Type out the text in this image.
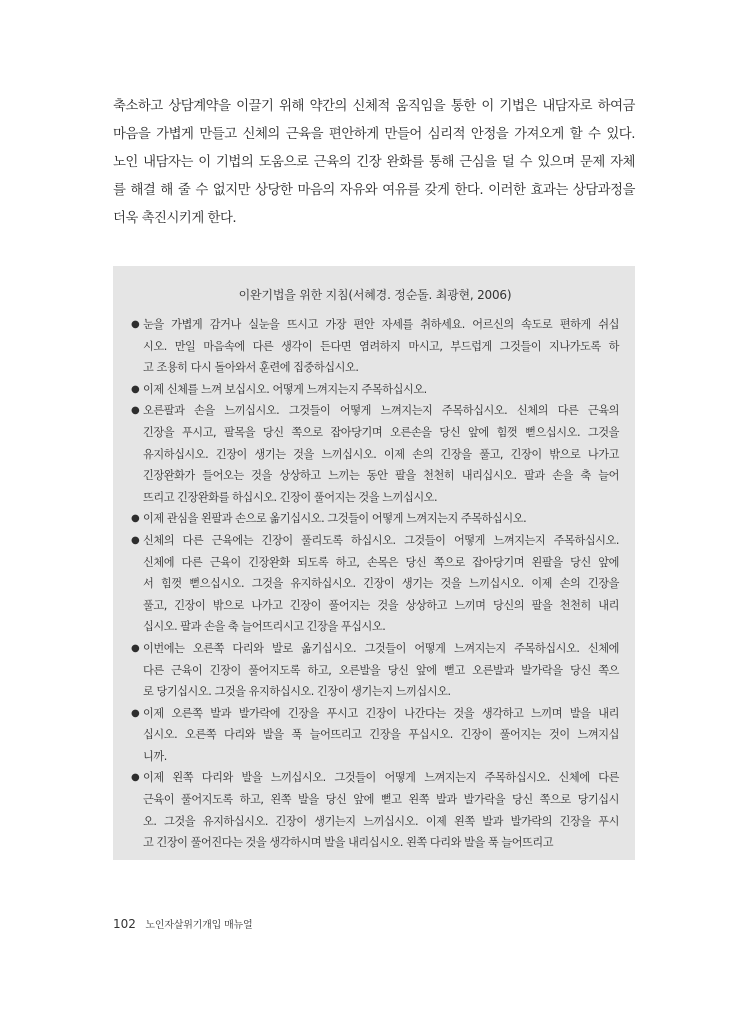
축소하고 상담계약을 이끌기 위해 약간의 신체적 움직임을 통한 이 기법은 내담자로 하여금
마음을 가볍게 만들고 신체의 근육을 편안하게 만들어 심리적 안정을 가져오게 할 수 있다.
노인 내담자는 이 기법의 도움으로 근육의 긴장 완화를 통해 근심을 덜 수 있으며 문제 자체
를 해결 해 줄 수 없지만 상당한 마음의 자유와 여유를 갖게 한다. 이러한 효과는 상담과정을
더욱 촉진시키게 한다.
이완기법을 위한 지침(서혜경. 정순돌. 최광현, 2006)
● 눈을 가볍게 감거나 실눈을 뜨시고 가장 편안 자세를 취하세요. 어르신의 속도로 편하게 쉬십
시오. 만일 마음속에 다른 생각이 든다면 염려하지 마시고, 부드럽게 그것들이 지나가도록 하
고 조용히 다시 돌아와서 훈련에 집중하십시오.
● 이제 신체를 느껴 보십시오. 어떻게 느껴지는지 주목하십시오.
● 오른팔과 손을 느끼십시오. 그것들이 어떻게 느껴지는지 주목하십시오. 신체의 다른 근육의
긴장을 푸시고, 팔목을 당신 쪽으로 잡아당기며 오른손을 당신 앞에 힘껏 뻗으십시오. 그것을
유지하십시오. 긴장이 생기는 것을 느끼십시오. 이제 손의 긴장을 풀고, 긴장이 밖으로 나가고
긴장완화가 들어오는 것을 상상하고 느끼는 동안 팔을 천천히 내리십시오. 팔과 손을 축 늘어
뜨리고 긴장완화를 하십시오. 긴장이 풀어지는 것을 느끼십시오.
● 이제 관심을 왼팔과 손으로 옮기십시오. 그것들이 어떻게 느껴지는지 주목하십시오.
● 신체의 다른 근육에는 긴장이 풀리도록 하십시오. 그것들이 어떻게 느껴지는지 주목하십시오.
신체에 다른 근육이 긴장완화 되도록 하고, 손목은 당신 쪽으로 잡아당기며 왼팔을 당신 앞에
서 힘껏 뻗으십시오. 그것을 유지하십시오. 긴장이 생기는 것을 느끼십시오. 이제 손의 긴장을
풀고, 긴장이 밖으로 나가고 긴장이 풀어지는 것을 상상하고 느끼며 당신의 팔을 천천히 내리
십시오. 팔과 손을 축 늘어뜨리시고 긴장을 푸십시오.
● 이번에는 오른쪽 다리와 발로 옮기십시오. 그것들이 어떻게 느껴지는지 주목하십시오. 신체에
다른 근육이 긴장이 풀어지도록 하고, 오른발을 당신 앞에 뻗고 오른발과 발가락을 당신 쪽으
로 당기십시오. 그것을 유지하십시오. 긴장이 생기는지 느끼십시오.
● 이제 오른쪽 발과 발가락에 긴장을 푸시고 긴장이 나간다는 것을 생각하고 느끼며 발을 내리
십시오. 오른쪽 다리와 발을 푹 늘어뜨리고 긴장을 푸십시오. 긴장이 풀어지는 것이 느껴지십
니까.
● 이제 왼쪽 다리와 발을 느끼십시오. 그것들이 어떻게 느껴지는지 주목하십시오. 신체에 다른
근육이 풀어지도록 하고, 왼쪽 발을 당신 앞에 뻗고 왼쪽 발과 발가락을 당신 쪽으로 당기십시
오. 그것을 유지하십시오. 긴장이 생기는지 느끼십시오. 이제 왼쪽 발과 발가락의 긴장을 푸시
고 긴장이 풀어진다는 것을 생각하시며 발을 내리십시오. 왼쪽 다리와 발을 푹 늘어뜨리고
102 노인자살위기개입 매뉴얼
